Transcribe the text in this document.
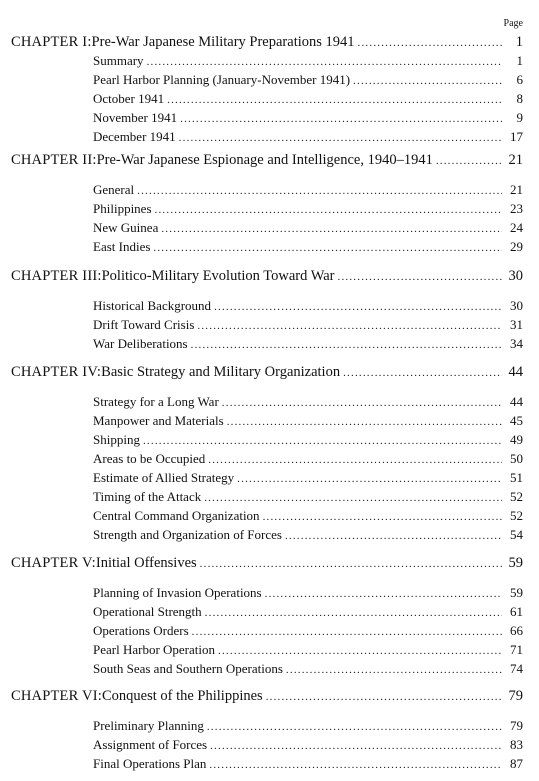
Page
CHAPTER I: Pre-War Japanese Military Preparations 1941 .....	1
Summary .....	1
Pearl Harbor Planning (January-November 1941) .....	6
October 1941 .....	8
November 1941 .....	9
December 1941 .....	17
CHAPTER II: Pre-War Japanese Espionage and Intelligence, 1940–1941 .....	21
General .....	21
Philippines .....	23
New Guinea .....	24
East Indies .....	29
CHAPTER III: Politico-Military Evolution Toward War .....	30
Historical Background .....	30
Drift Toward Crisis .....	31
War Deliberations .....	34
CHAPTER IV: Basic Strategy and Military Organization .....	44
Strategy for a Long War .....	44
Manpower and Materials .....	45
Shipping .....	49
Areas to be Occupied .....	50
Estimate of Allied Strategy .....	51
Timing of the Attack .....	52
Central Command Organization .....	52
Strength and Organization of Forces .....	54
CHAPTER V: Initial Offensives .....	59
Planning of Invasion Operations .....	59
Operational Strength .....	61
Operations Orders .....	66
Pearl Harbor Operation .....	71
South Seas and Southern Operations .....	74
CHAPTER VI: Conquest of the Philippines .....	79
Preliminary Planning .....	79
Assignment of Forces .....	83
Final Operations Plan .....	87
